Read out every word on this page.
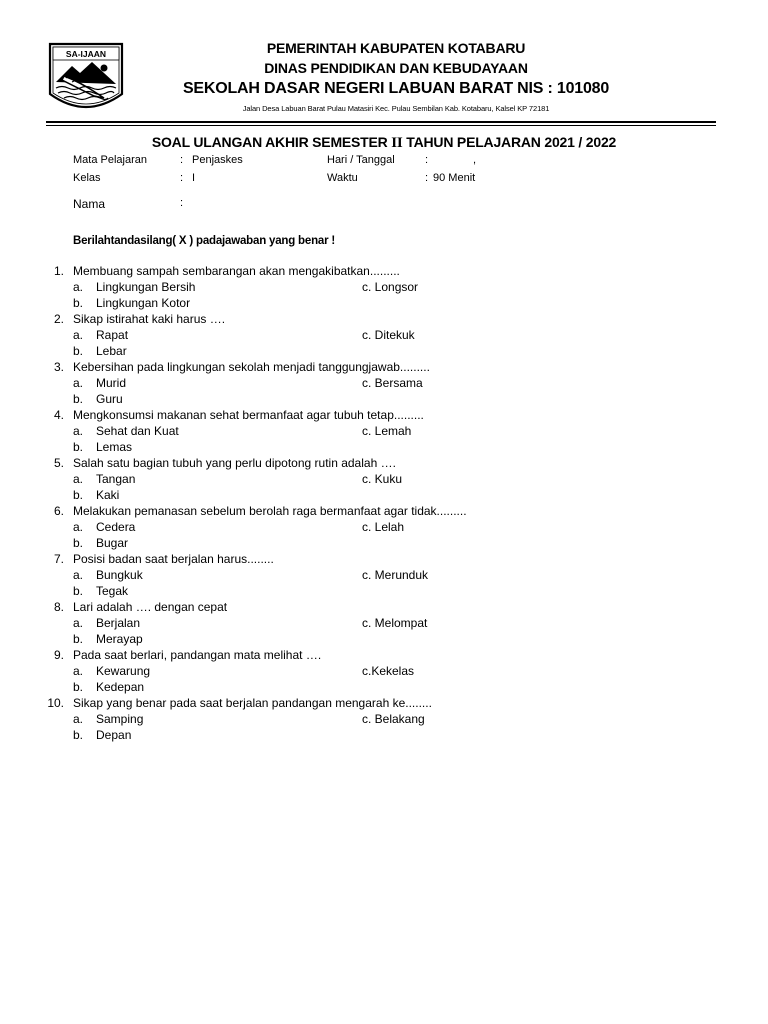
SA-IJAAN	PEMERINTAH KABUPATEN KOTABARU
DINAS PENDIDIKAN DAN KEBUDAYAAN
SEKOLAH DASAR NEGERI LABUAN BARAT NIS : 101080
Jalan Desa Labuan Barat Pulau Matasiri Kec. Pulau Sembilan Kab. Kotabaru, Kalsel KP 72181
SOAL ULANGAN AKHIR SEMESTER II TAHUN PELAJARAN 2021 / 2022
Mata Pelajaran	: Penjaskes	Hari / Tanggal	:	,
Kelas	: I	Waktu	: 90 Menit
Nama	:
Berilahtandasilang( X ) padajawaban yang benar !
1. Membuang sampah sembarangan akan mengakibatkan.........
a. Lingkungan Bersih	c. Longsor
b. Lingkungan Kotor
2. Sikap istirahat kaki harus ….
a. Rapat	c. Ditekuk
b. Lebar
3. Kebersihan pada lingkungan sekolah menjadi tanggungjawab.........
a. Murid	c. Bersama
b. Guru
4. Mengkonsumsi makanan sehat bermanfaat agar tubuh tetap.........
a. Sehat dan Kuat	c. Lemah
b. Lemas
5. Salah satu bagian tubuh yang perlu dipotong rutin adalah ….
a. Tangan	c. Kuku
b. Kaki
6. Melakukan pemanasan sebelum berolah raga bermanfaat agar tidak.........
a. Cedera	c. Lelah
b. Bugar
7. Posisi badan saat berjalan harus........
a. Bungkuk	c. Merunduk
b. Tegak
8. Lari adalah …. dengan cepat
a. Berjalan	c. Melompat
b. Merayap
9. Pada saat berlari, pandangan mata melihat ….
a. Kewarung	c.Kekelas
b. Kedepan
10. Sikap yang benar pada saat berjalan pandangan mengarah ke........
a. Samping	c. Belakang
b. Depan
